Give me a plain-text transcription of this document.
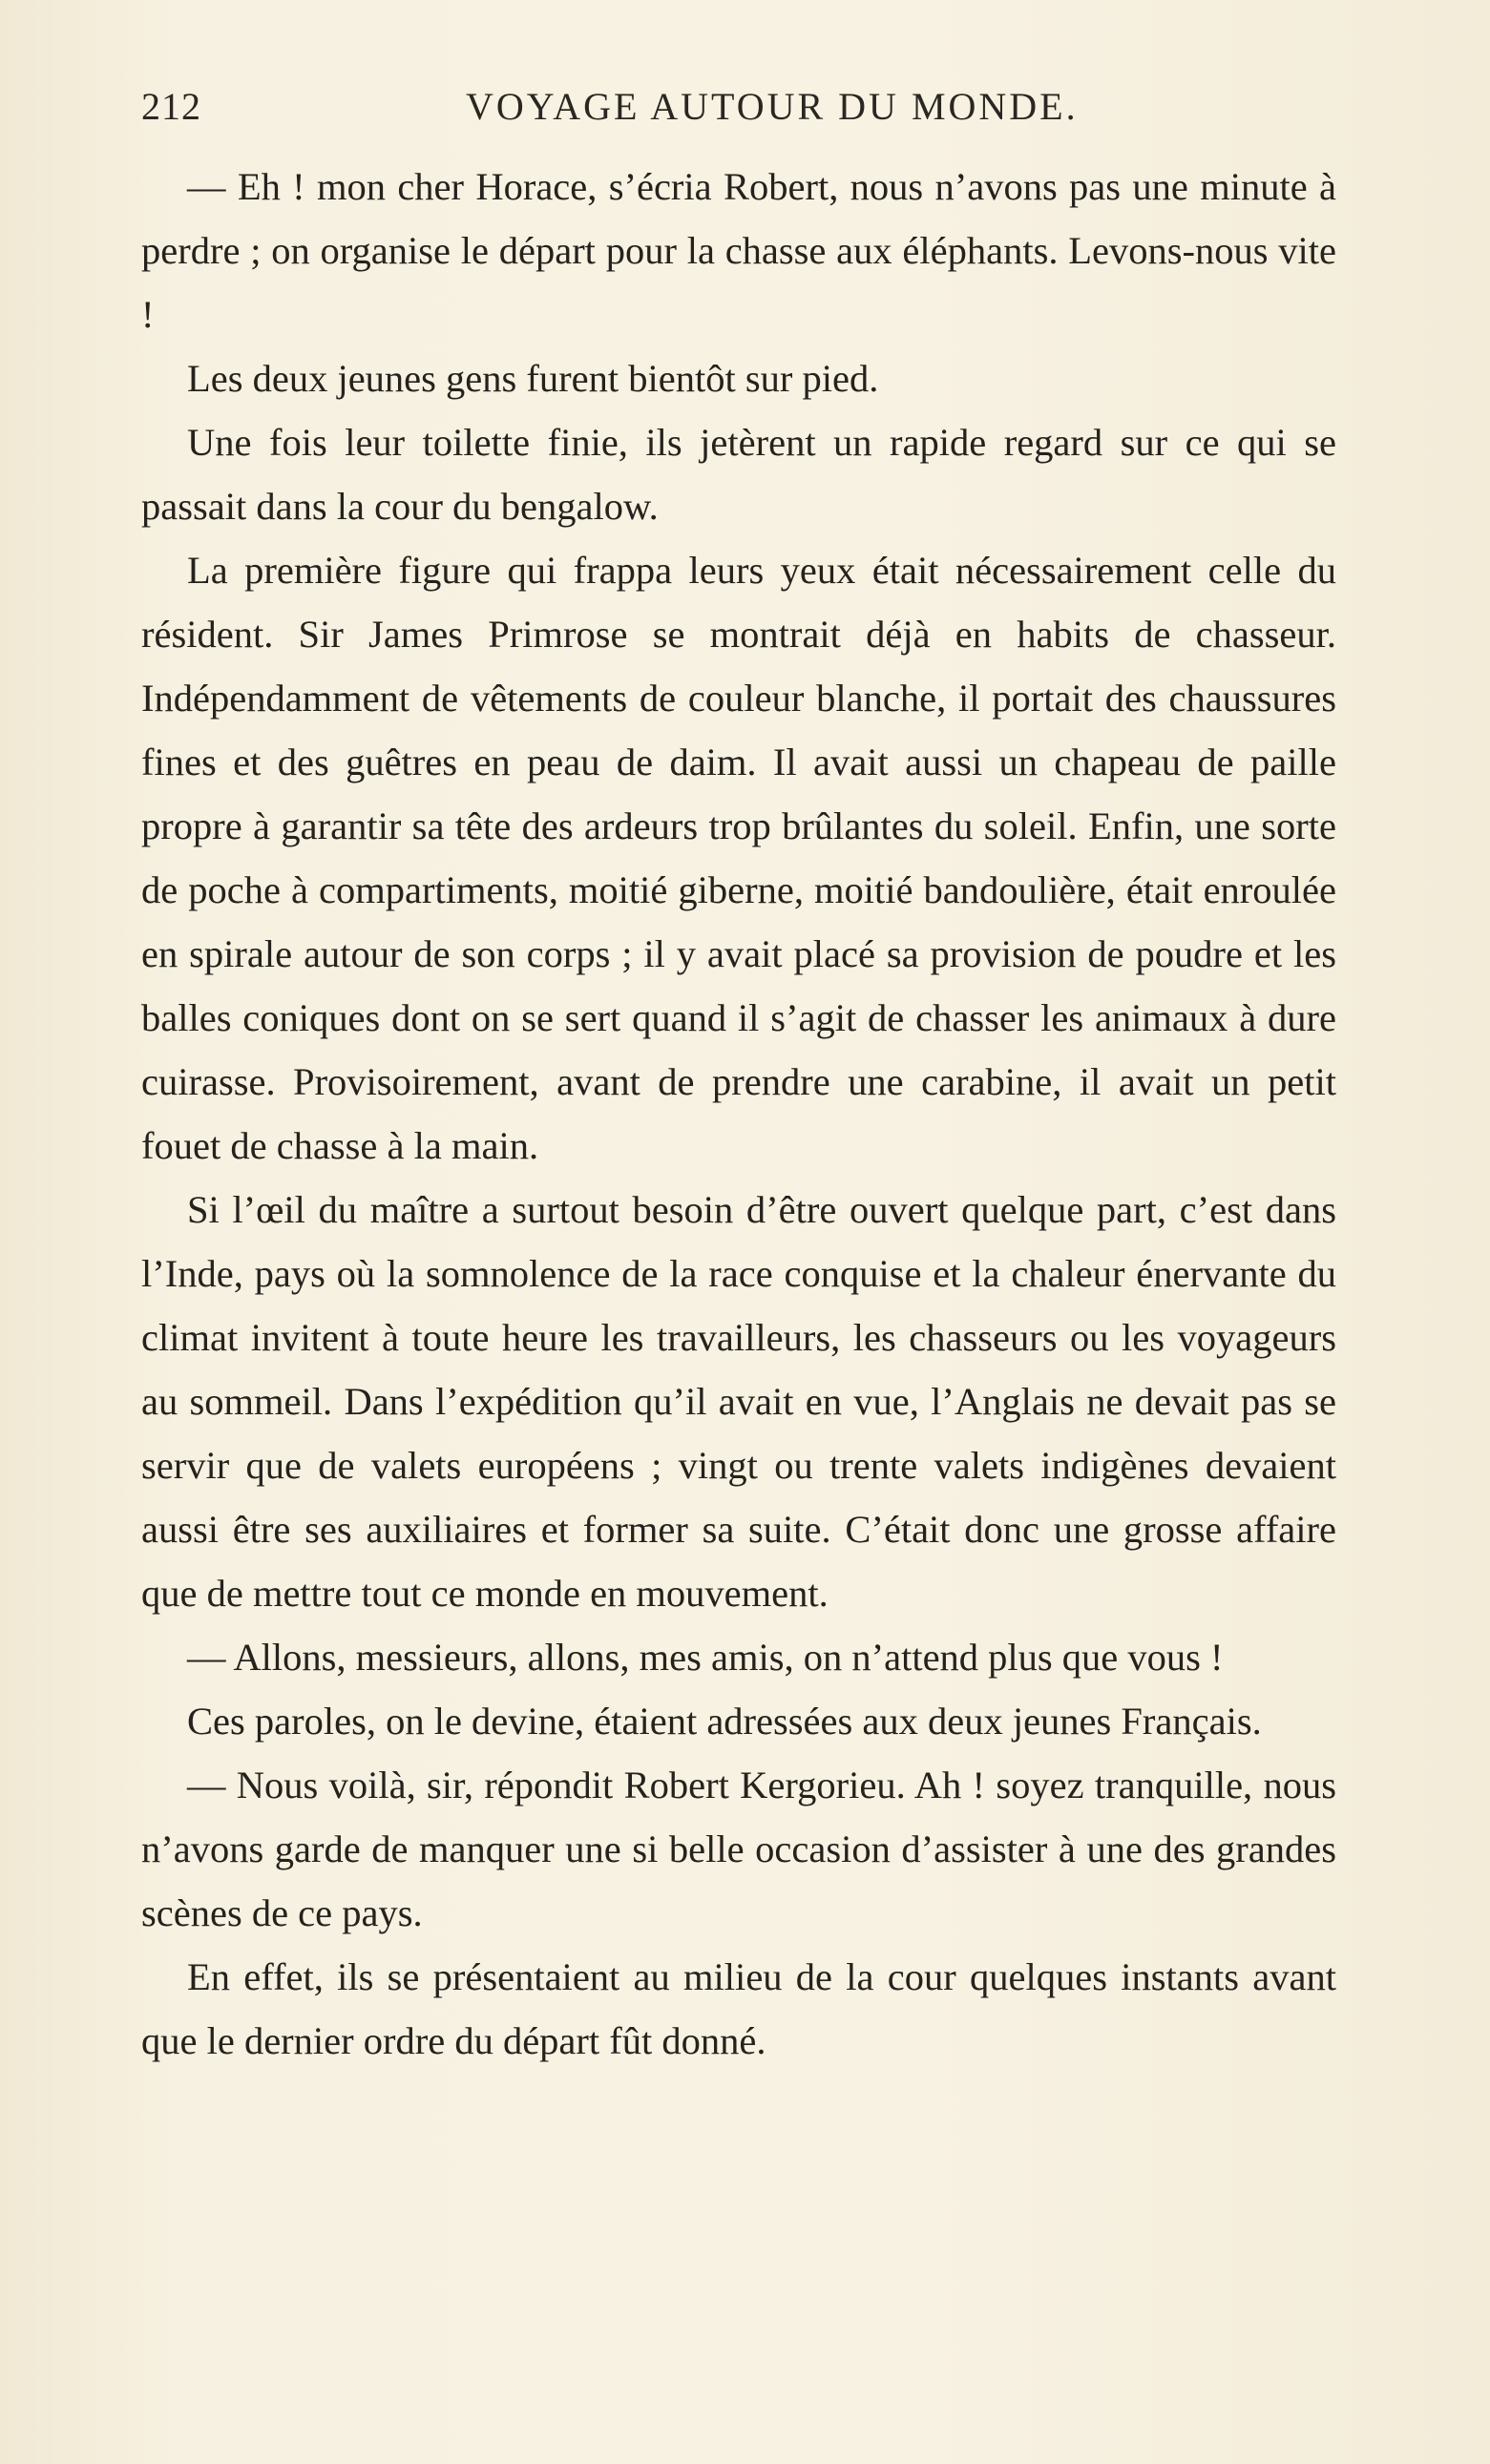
212	VOYAGE AUTOUR DU MONDE.

— Eh ! mon cher Horace, s’écria Robert, nous n’avons pas une minute à perdre ; on organise le départ pour la chasse aux éléphants. Levons-nous vite !

Les deux jeunes gens furent bientôt sur pied.

Une fois leur toilette finie, ils jetèrent un rapide regard sur ce qui se passait dans la cour du bengalow.

La première figure qui frappa leurs yeux était nécessairement celle du résident. Sir James Primrose se montrait déjà en habits de chasseur. Indépendamment de vêtements de couleur blanche, il portait des chaussures fines et des guêtres en peau de daim. Il avait aussi un chapeau de paille propre à garantir sa tête des ardeurs trop brûlantes du soleil. Enfin, une sorte de poche à compartiments, moitié giberne, moitié bandoulière, était enroulée en spirale autour de son corps ; il y avait placé sa provision de poudre et les balles coniques dont on se sert quand il s’agit de chasser les animaux à dure cuirasse. Provisoirement, avant de prendre une carabine, il avait un petit fouet de chasse à la main.

Si l’œil du maître a surtout besoin d’être ouvert quelque part, c’est dans l’Inde, pays où la somnolence de la race conquise et la chaleur énervante du climat invitent à toute heure les travailleurs, les chasseurs ou les voyageurs au sommeil. Dans l’expédition qu’il avait en vue, l’Anglais ne devait pas se servir que de valets européens ; vingt ou trente valets indigènes devaient aussi être ses auxiliaires et former sa suite. C’était donc une grosse affaire que de mettre tout ce monde en mouvement.

— Allons, messieurs, allons, mes amis, on n’attend plus que vous !

Ces paroles, on le devine, étaient adressées aux deux jeunes Français.

— Nous voilà, sir, répondit Robert Kergorieu. Ah ! soyez tranquille, nous n’avons garde de manquer une si belle occasion d’assister à une des grandes scènes de ce pays.

En effet, ils se présentaient au milieu de la cour quelques instants avant que le dernier ordre du départ fût donné.
